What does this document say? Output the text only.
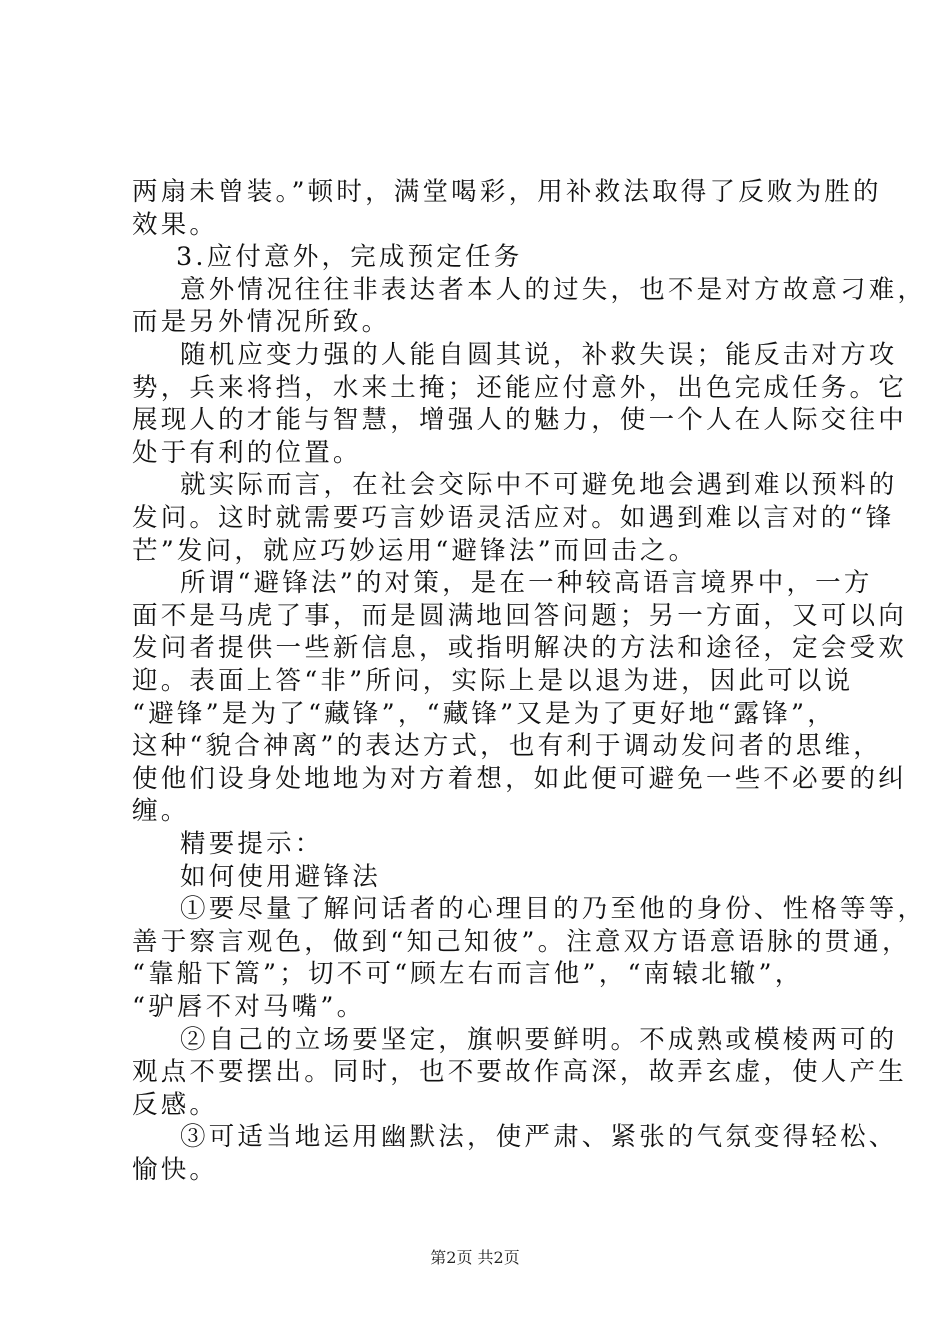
两扇未曾装。”顿时，满堂喝彩，用补救法取得了反败为胜的
效果。
3.应付意外，完成预定任务
意外情况往往非表达者本人的过失，也不是对方故意刁难，
而是另外情况所致。
随机应变力强的人能自圆其说，补救失误；能反击对方攻
势，兵来将挡，水来土掩；还能应付意外，出色完成任务。它
展现人的才能与智慧，增强人的魅力，使一个人在人际交往中
处于有利的位置。
就实际而言，在社会交际中不可避免地会遇到难以预料的
发问。这时就需要巧言妙语灵活应对。如遇到难以言对的“锋
芒”发问，就应巧妙运用“避锋法”而回击之。
所谓“避锋法”的对策，是在一种较高语言境界中，一方
面不是马虎了事，而是圆满地回答问题；另一方面，又可以向
发问者提供一些新信息，或指明解决的方法和途径，定会受欢
迎。表面上答“非”所问，实际上是以退为进，因此可以说
“避锋”是为了“藏锋”，“藏锋”又是为了更好地“露锋”，
这种“貌合神离”的表达方式，也有利于调动发问者的思维，
使他们设身处地地为对方着想，如此便可避免一些不必要的纠
缠。
精要提示：
如何使用避锋法
①要尽量了解问话者的心理目的乃至他的身份、性格等等，
善于察言观色，做到“知己知彼”。注意双方语意语脉的贯通，
“靠船下篙”；切不可“顾左右而言他”，“南辕北辙”，
“驴唇不对马嘴”。
②自己的立场要坚定，旗帜要鲜明。不成熟或模棱两可的
观点不要摆出。同时，也不要故作高深，故弄玄虚，使人产生
反感。
③可适当地运用幽默法，使严肃、紧张的气氛变得轻松、
愉快。
第2页 共2页
